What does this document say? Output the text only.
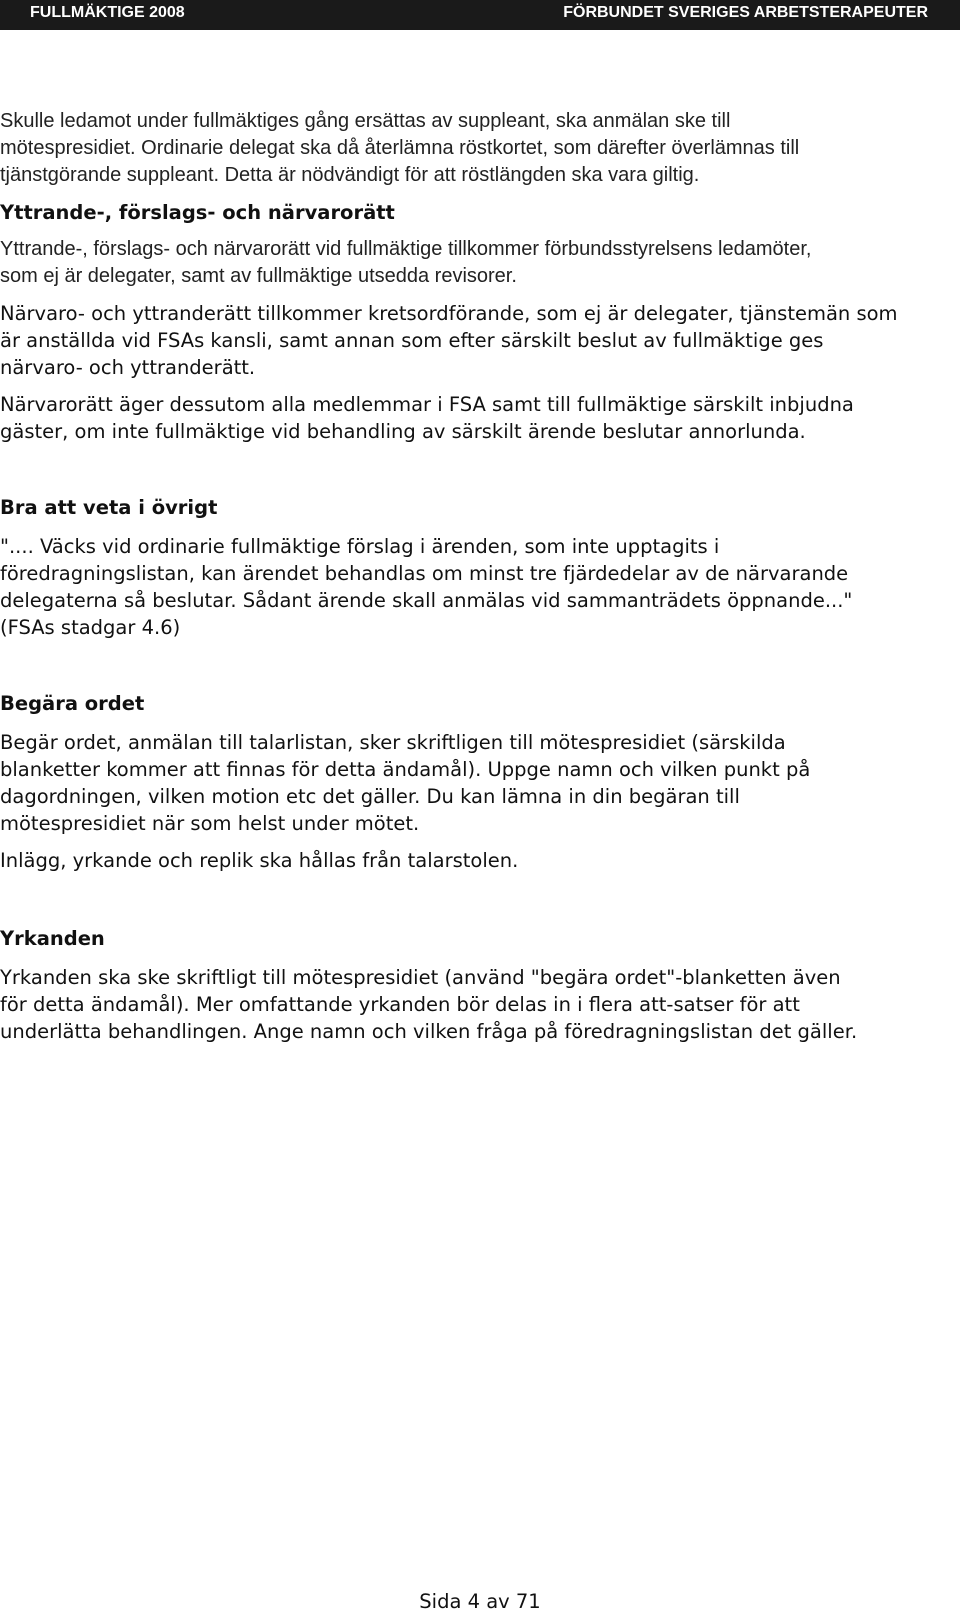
FULLMÄKTIGE 2008	FÖRBUNDET SVERIGES ARBETSTERAPEUTER

Skulle ledamot under fullmäktiges gång ersättas av suppleant, ska anmälan ske till mötespresidiet. Ordinarie delegat ska då återlämna röstkortet, som därefter överlämnas till tjänstgörande suppleant. Detta är nödvändigt för att röstlängden ska vara giltig.

Yttrande-, förslags- och närvarorätt

Yttrande-, förslags- och närvarorätt vid fullmäktige tillkommer förbundsstyrelsens ledamöter, som ej är delegater, samt av fullmäktige utsedda revisorer.

Närvaro- och yttranderätt tillkommer kretsordförande, som ej är delegater, tjänstemän som är anställda vid FSAs kansli, samt annan som efter särskilt beslut av fullmäktige ges närvaro- och yttranderätt.

Närvarorätt äger dessutom alla medlemmar i FSA samt till fullmäktige särskilt inbjudna gäster, om inte fullmäktige vid behandling av särskilt ärende beslutar annorlunda.

Bra att veta i övrigt

".... Väcks vid ordinarie fullmäktige förslag i ärenden, som inte upptagits i föredragningslistan, kan ärendet behandlas om minst tre fjärdedelar av de närvarande delegaterna så beslutar. Sådant ärende skall anmälas vid sammanträdets öppnande..." (FSAs stadgar 4.6)

Begära ordet

Begär ordet, anmälan till talarlistan, sker skriftligen till mötespresidiet (särskilda blanketter kommer att finnas för detta ändamål). Uppge namn och vilken punkt på dagordningen, vilken motion etc det gäller. Du kan lämna in din begäran till mötespresidiet när som helst under mötet.

Inlägg, yrkande och replik ska hållas från talarstolen.

Yrkanden

Yrkanden ska ske skriftligt till mötespresidiet (använd "begära ordet"-blanketten även för detta ändamål). Mer omfattande yrkanden bör delas in i flera att-satser för att underlätta behandlingen. Ange namn och vilken fråga på föredragningslistan det gäller.

Sida 4 av 71
